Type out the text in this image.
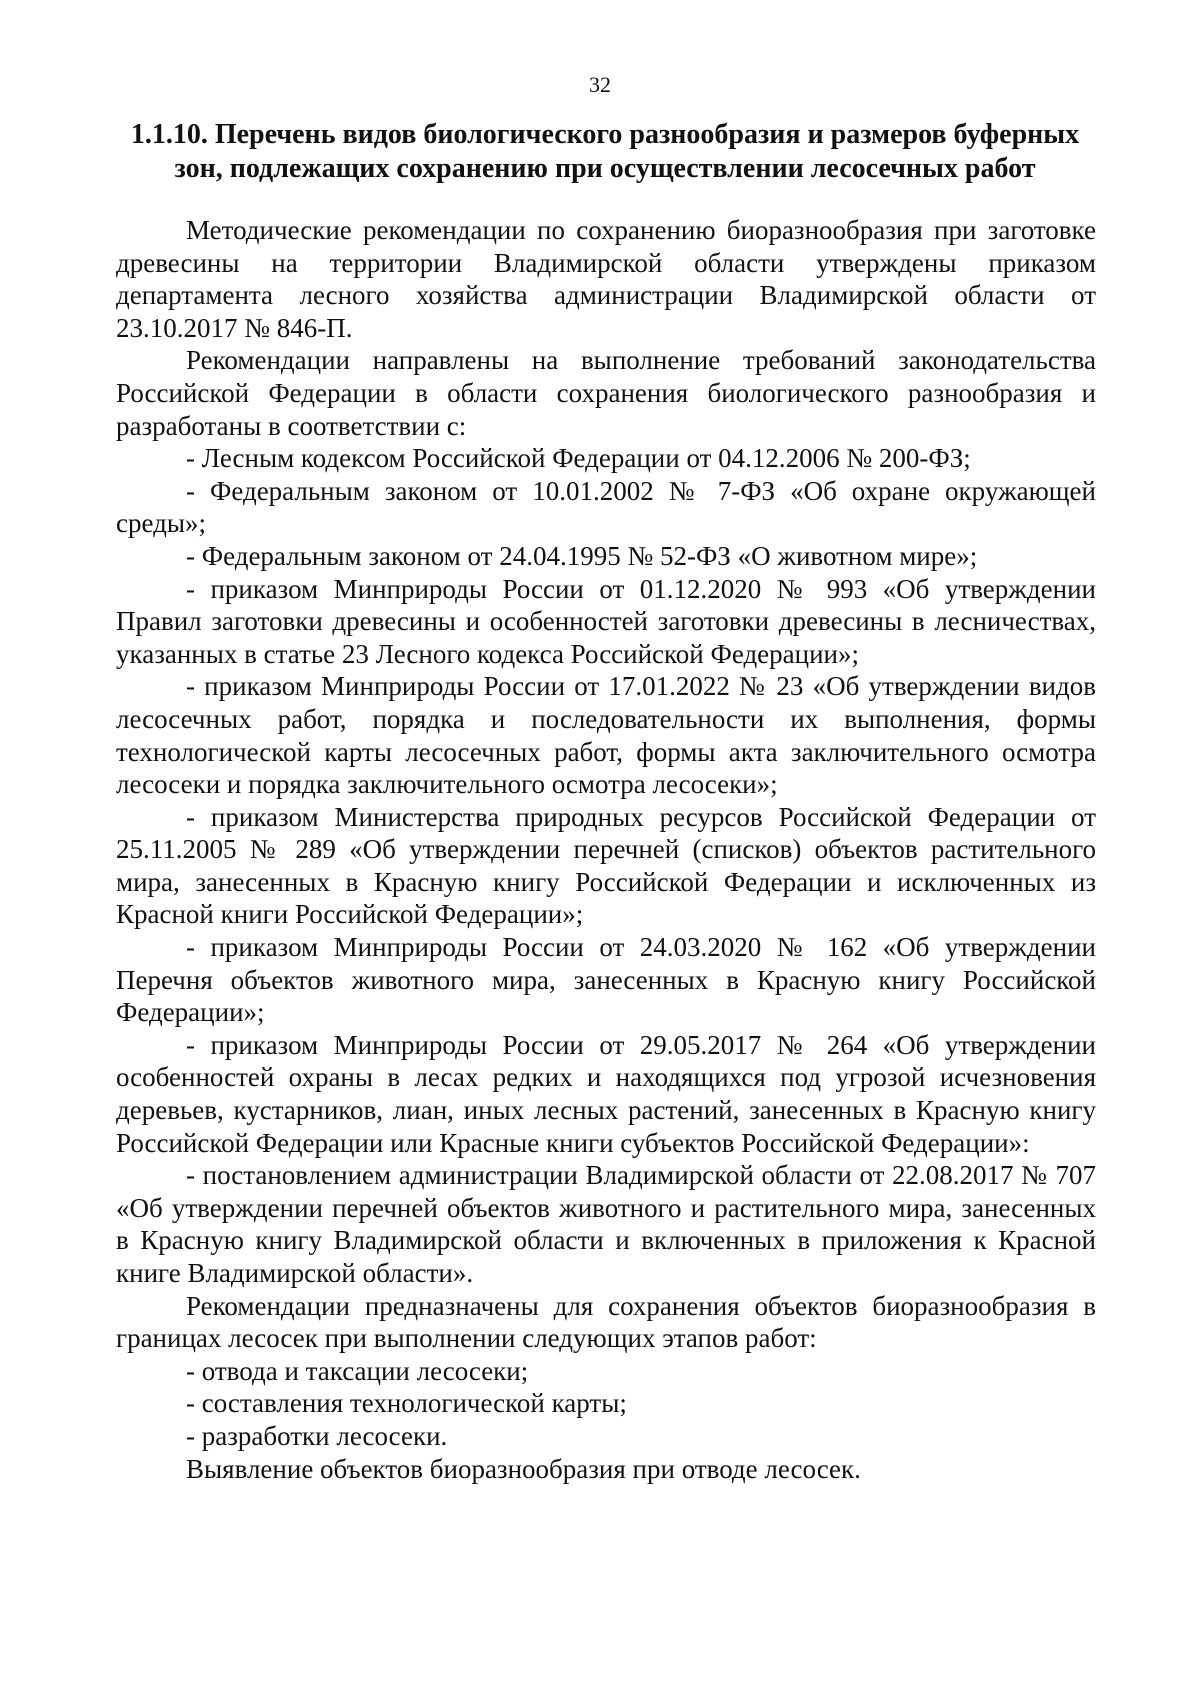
32
1.1.10. Перечень видов биологического разнообразия и размеров буферных
зон, подлежащих сохранению при осуществлении лесосечных работ

Методические рекомендации по сохранению биоразнообразия при заготовке древесины на территории Владимирской области утверждены приказом департамента лесного хозяйства администрации Владимирской области от 23.10.2017 № 846-П.

Рекомендации направлены на выполнение требований законодательства Российской Федерации в области сохранения биологического разнообразия и разработаны в соответствии с:

- Лесным кодексом Российской Федерации от 04.12.2006 № 200-ФЗ;

- Федеральным законом от 10.01.2002 № 7-ФЗ «Об охране окружающей среды»;

- Федеральным законом от 24.04.1995 № 52-ФЗ «О животном мире»;

- приказом Минприроды России от 01.12.2020 № 993 «Об утверждении Правил заготовки древесины и особенностей заготовки древесины в лесничествах, указанных в статье 23 Лесного кодекса Российской Федерации»;

- приказом Минприроды России от 17.01.2022 № 23 «Об утверждении видов лесосечных работ, порядка и последовательности их выполнения, формы технологической карты лесосечных работ, формы акта заключительного осмотра лесосеки и порядка заключительного осмотра лесосеки»;

- приказом Министерства природных ресурсов Российской Федерации от 25.11.2005 № 289 «Об утверждении перечней (списков) объектов растительного мира, занесенных в Красную книгу Российской Федерации и исключенных из Красной книги Российской Федерации»;

- приказом Минприроды России от 24.03.2020 № 162 «Об утверждении Перечня объектов животного мира, занесенных в Красную книгу Российской Федерации»;

- приказом Минприроды России от 29.05.2017 № 264 «Об утверждении особенностей охраны в лесах редких и находящихся под угрозой исчезновения деревьев, кустарников, лиан, иных лесных растений, занесенных в Красную книгу Российской Федерации или Красные книги субъектов Российской Федерации»:

- постановлением администрации Владимирской области от 22.08.2017 № 707 «Об утверждении перечней объектов животного и растительного мира, занесенных в Красную книгу Владимирской области и включенных в приложения к Красной книге Владимирской области».

Рекомендации предназначены для сохранения объектов биоразнообразия в границах лесосек при выполнении следующих этапов работ:

- отвода и таксации лесосеки;

- составления технологической карты;

- разработки лесосеки.

Выявление объектов биоразнообразия при отводе лесосек.
